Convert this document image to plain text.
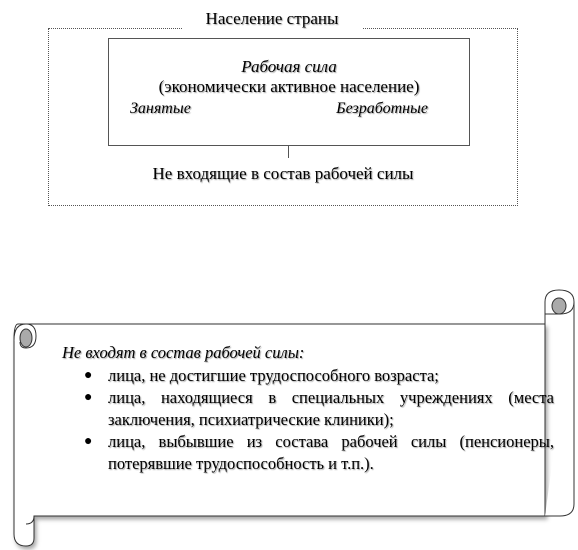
Население страны
Рабочая сила
(экономически активное население)
Занятые	Безработные
Не входящие в состав рабочей силы
Не входят в состав рабочей силы:
● лица, не достигшие трудоспособного возраста;
● лица, находящиеся в специальных учреждениях (места заключения, психиатрические клиники);
● лица, выбывшие из состава рабочей силы (пенсионеры, потерявшие трудоспособность и т.п.).
